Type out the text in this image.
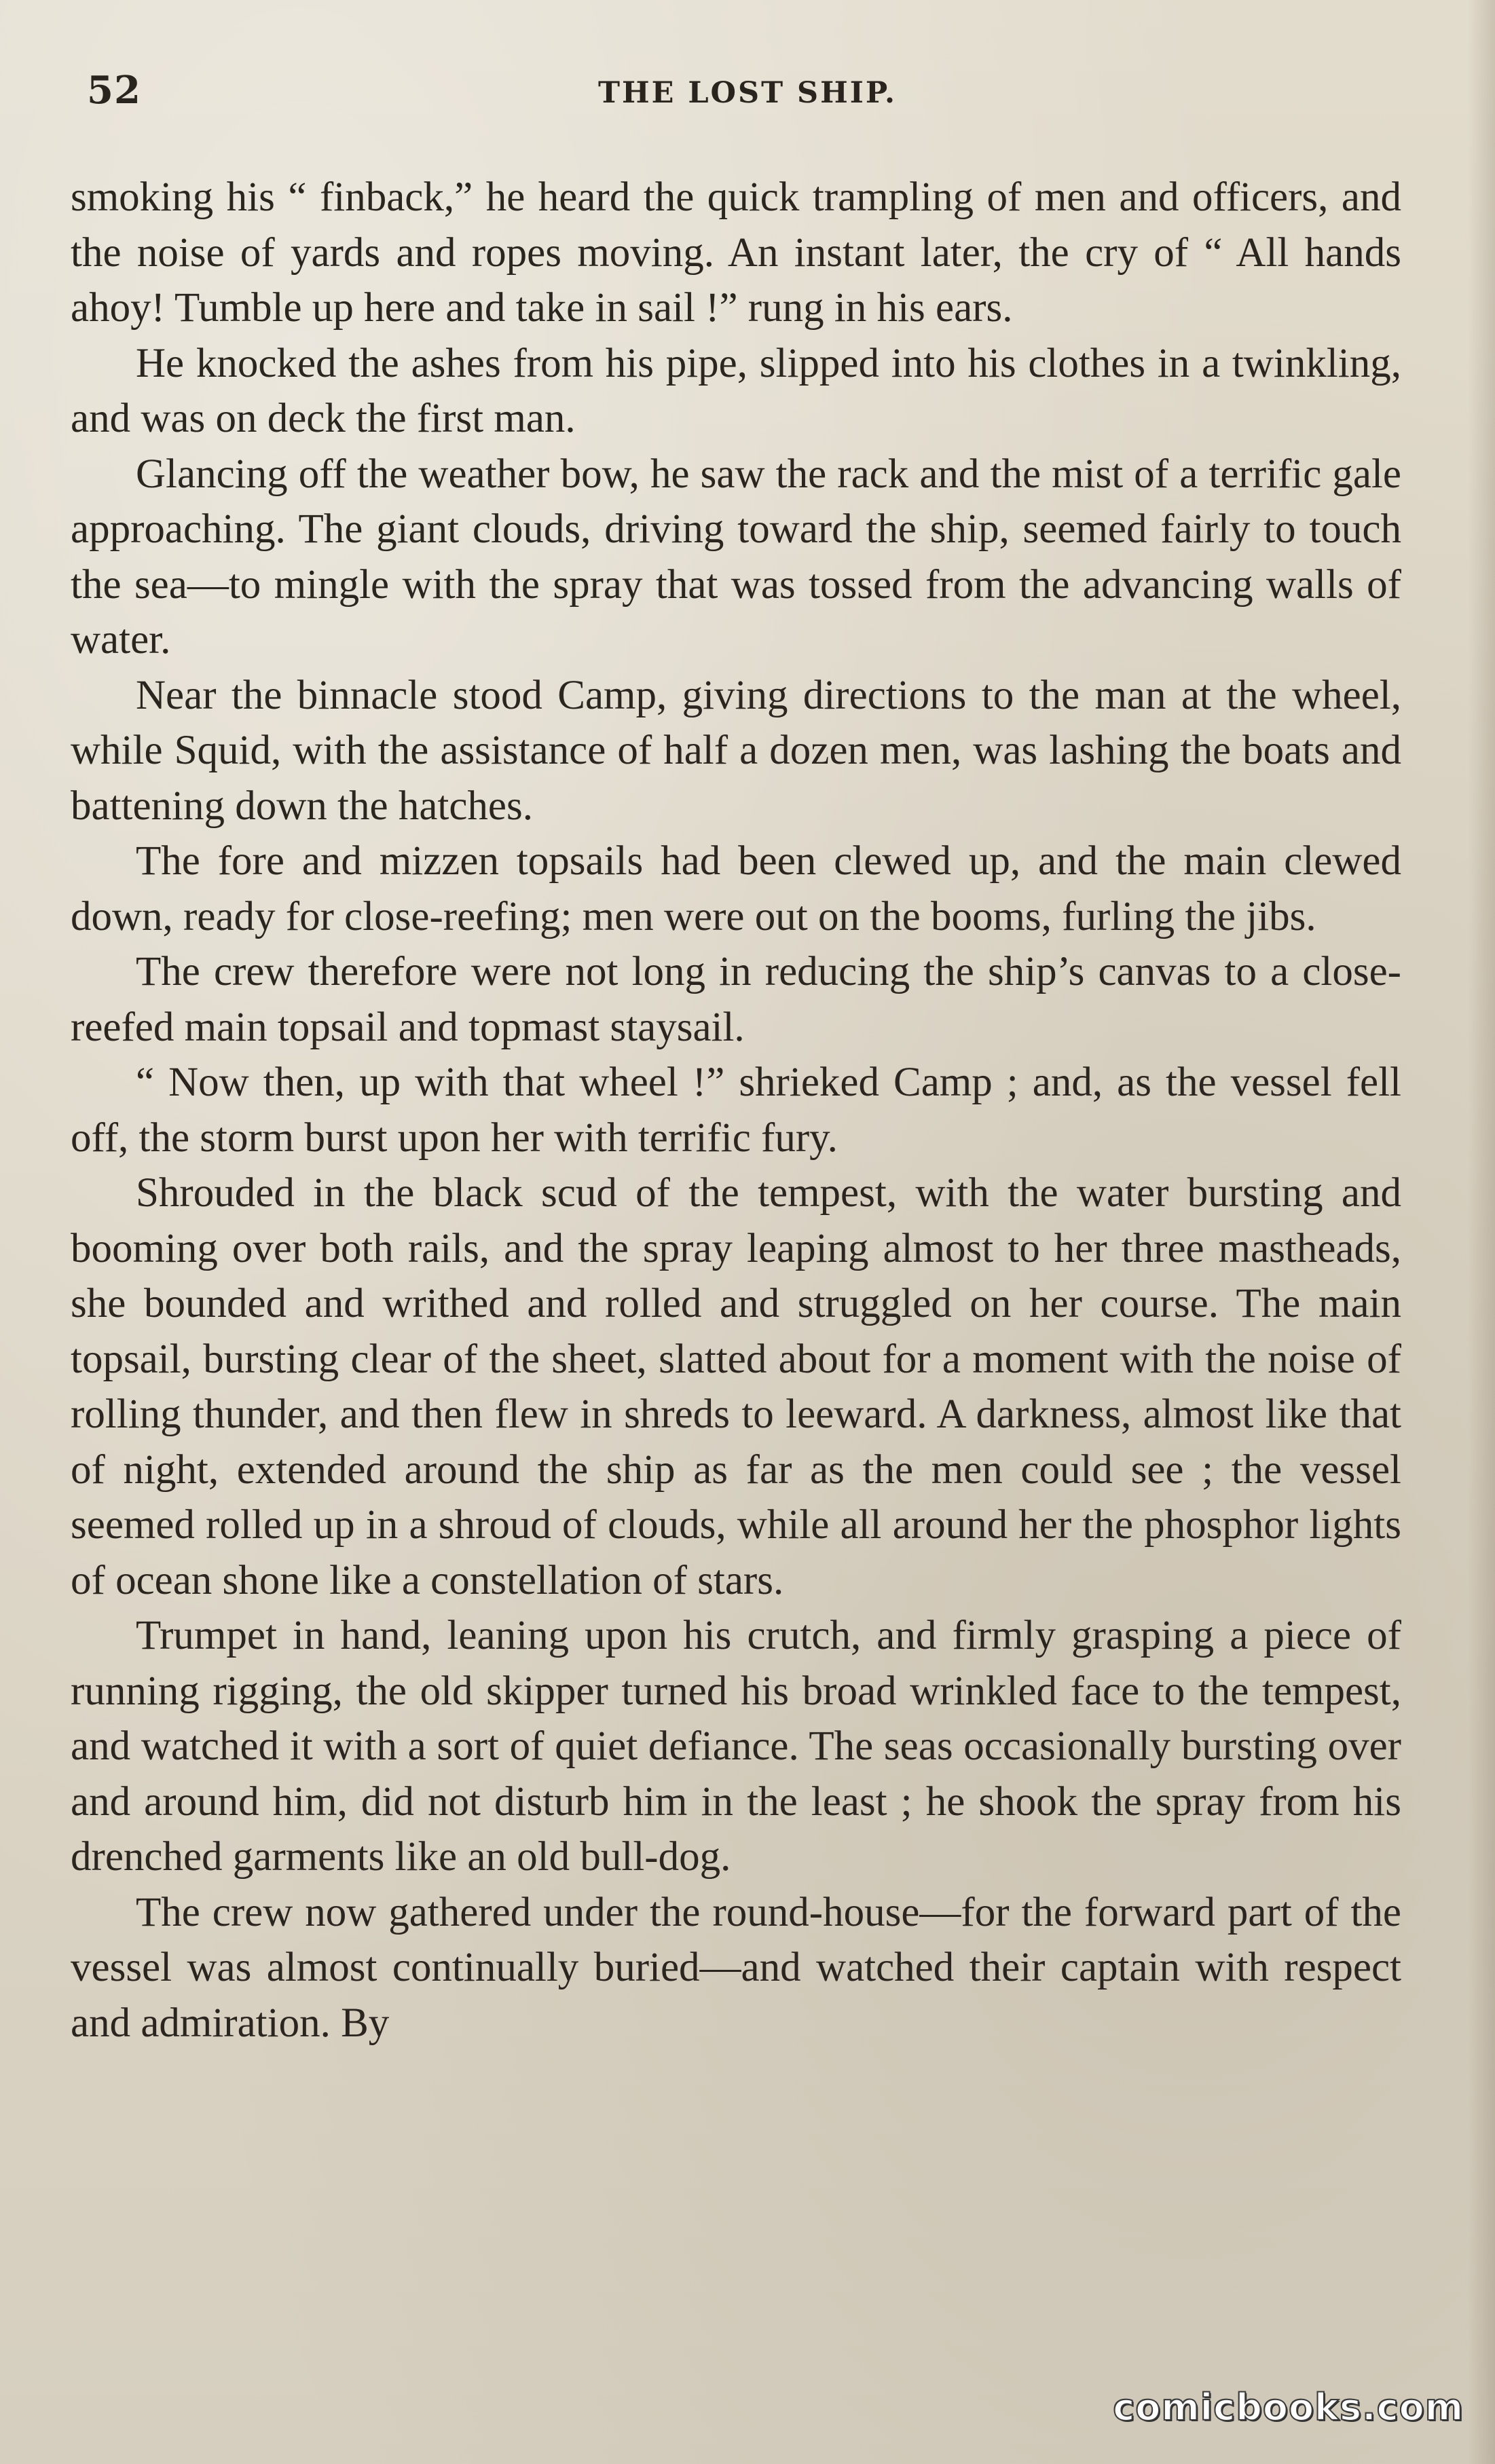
52	THE LOST SHIP.

smoking his “ finback,” he heard the quick trampling of men and officers, and the noise of yards and ropes moving. An instant later, the cry of “ All hands ahoy! Tumble up here and take in sail !” rung in his ears.

He knocked the ashes from his pipe, slipped into his clothes in a twinkling, and was on deck the first man.

Glancing off the weather bow, he saw the rack and the mist of a terrific gale approaching. The giant clouds, driving toward the ship, seemed fairly to touch the sea—to mingle with the spray that was tossed from the advancing walls of water.

Near the binnacle stood Camp, giving directions to the man at the wheel, while Squid, with the assistance of half a dozen men, was lashing the boats and battening down the hatches.

The fore and mizzen topsails had been clewed up, and the main clewed down, ready for close-reefing; men were out on the booms, furling the jibs.

The crew therefore were not long in reducing the ship’s canvas to a close-reefed main topsail and topmast staysail.

“ Now then, up with that wheel !” shrieked Camp ; and, as the vessel fell off, the storm burst upon her with terrific fury.

Shrouded in the black scud of the tempest, with the water bursting and booming over both rails, and the spray leaping almost to her three mastheads, she bounded and writhed and rolled and struggled on her course. The main topsail, bursting clear of the sheet, slatted about for a moment with the noise of rolling thunder, and then flew in shreds to leeward. A darkness, almost like that of night, extended around the ship as far as the men could see ; the vessel seemed rolled up in a shroud of clouds, while all around her the phosphor lights of ocean shone like a constellation of stars.

Trumpet in hand, leaning upon his crutch, and firmly grasping a piece of running rigging, the old skipper turned his broad wrinkled face to the tempest, and watched it with a sort of quiet defiance. The seas occasionally bursting over and around him, did not disturb him in the least ; he shook the spray from his drenched garments like an old bull-dog.

The crew now gathered under the round-house—for the forward part of the vessel was almost continually buried—and watched their captain with respect and admiration. By

comicbooks.com
